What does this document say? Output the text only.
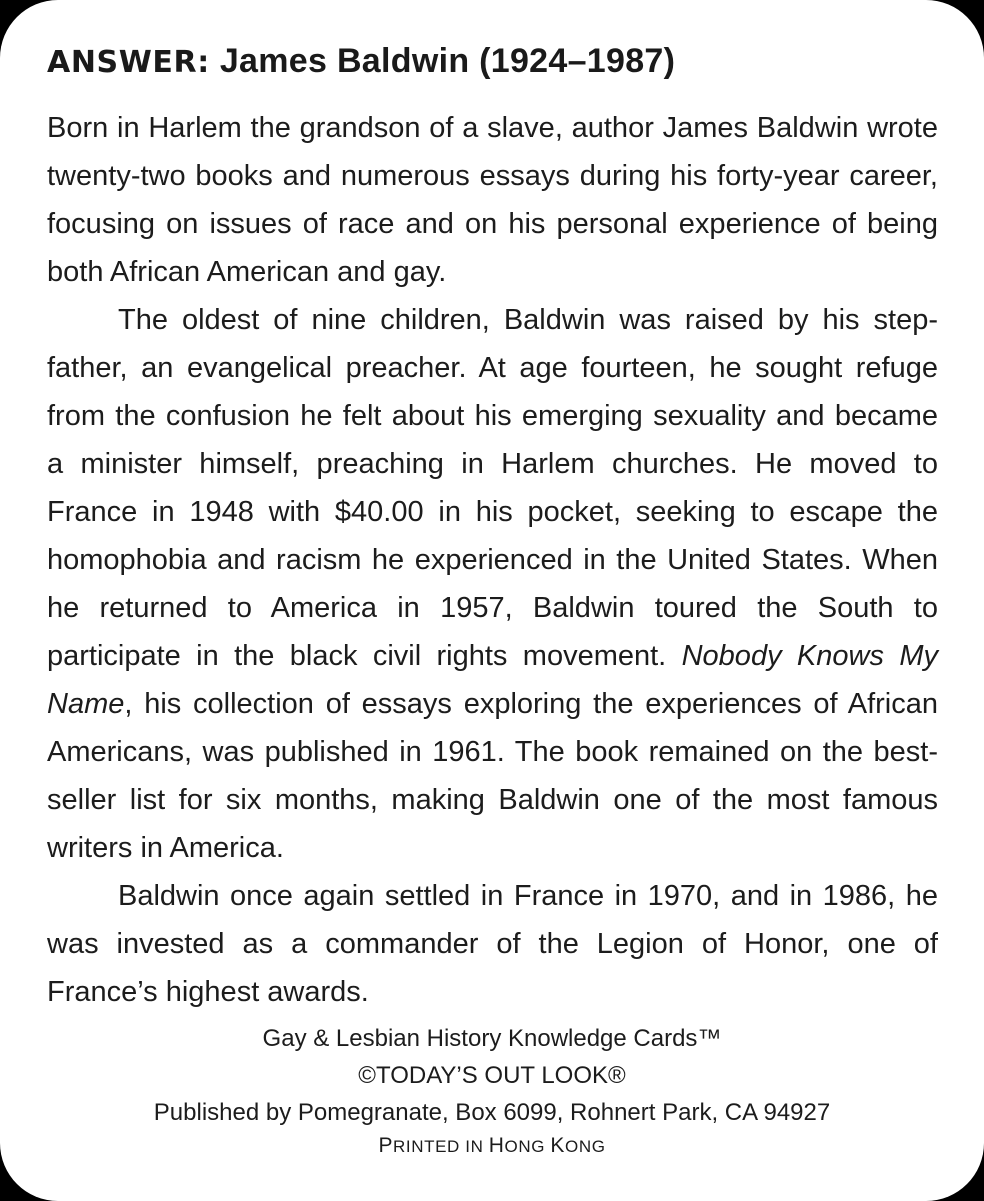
ANSWER: James Baldwin (1924–1987)

Born in Harlem the grandson of a slave, author James Baldwin wrote twenty-two books and numerous essays during his forty-year career, focusing on issues of race and on his personal experience of being both African American and gay.

The oldest of nine children, Baldwin was raised by his stepfather, an evangelical preacher. At age fourteen, he sought refuge from the confusion he felt about his emerging sexuality and became a minister himself, preaching in Harlem churches. He moved to France in 1948 with $40.00 in his pocket, seeking to escape the homophobia and racism he experienced in the United States. When he returned to America in 1957, Baldwin toured the South to participate in the black civil rights movement. Nobody Knows My Name, his collection of essays exploring the experiences of African Americans, was published in 1961. The book remained on the best-seller list for six months, making Baldwin one of the most famous writers in America.

Baldwin once again settled in France in 1970, and in 1986, he was invested as a commander of the Legion of Honor, one of France’s highest awards.

Gay & Lesbian History Knowledge Cards™
©TODAY’S OUT LOOK®
Published by Pomegranate, Box 6099, Rohnert Park, CA 94927
PRINTED IN HONG KONG
